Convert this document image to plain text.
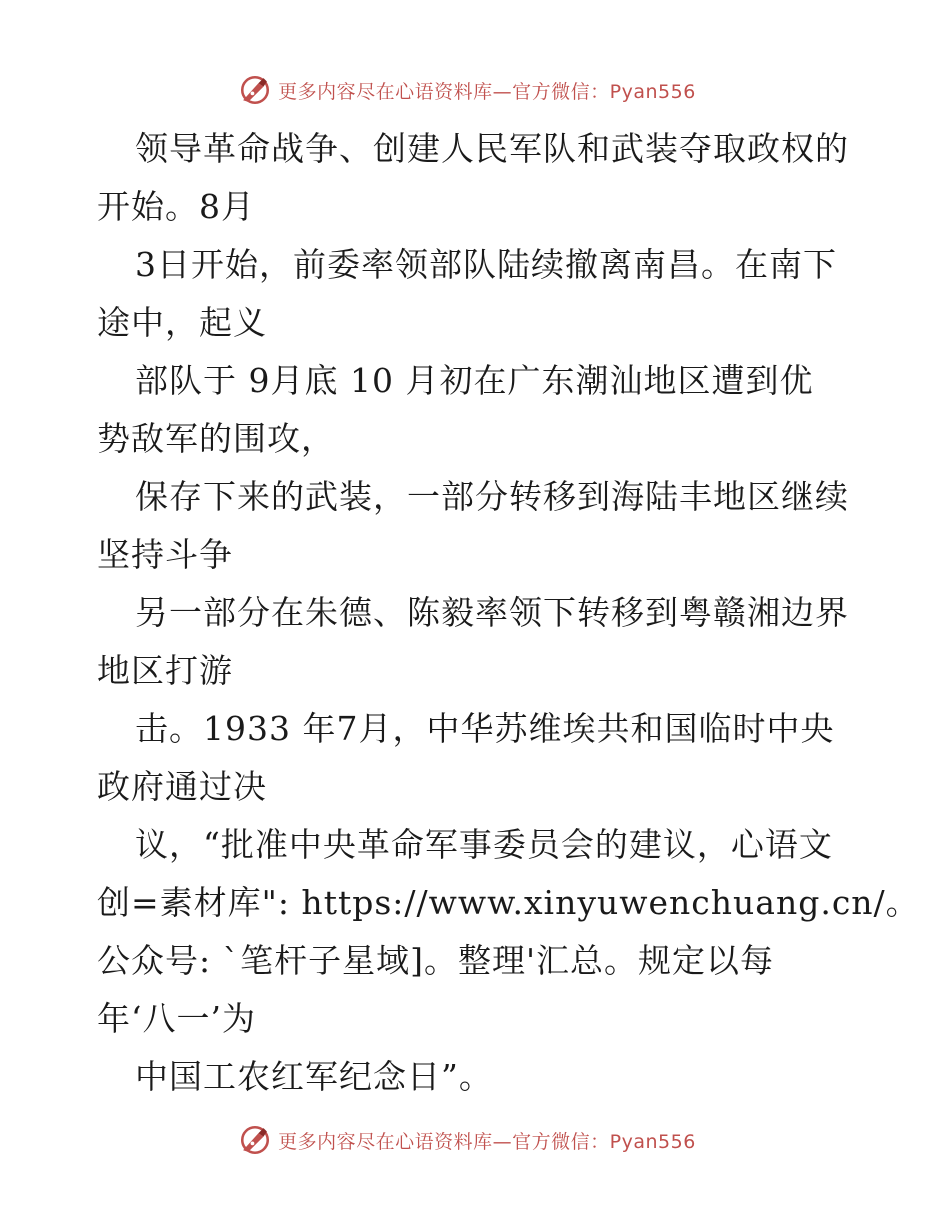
更多内容尽在心语资料库—官方微信：Pyan556
领导革命战争、创建人民军队和武装夺取政权的
开始。8月
3日开始，前委率领部队陆续撤离南昌。在南下
途中，起义
部队于 9月底 10 月初在广东潮汕地区遭到优
势敌军的围攻，
保存下来的武装，一部分转移到海陆丰地区继续
坚持斗争
另一部分在朱德、陈毅率领下转移到粤赣湘边界
地区打游
击。1933 年7月，中华苏维埃共和国临时中央
政府通过决
议，“批准中央革命军事委员会的建议，心语文
创=素材库": https://www.xinyuwenchuang.cn/。
公众号: `笔杆子星域]。整理'汇总。规定以每
年‘八一’为
中国工农红军纪念日”。
更多内容尽在心语资料库—官方微信：Pyan556
